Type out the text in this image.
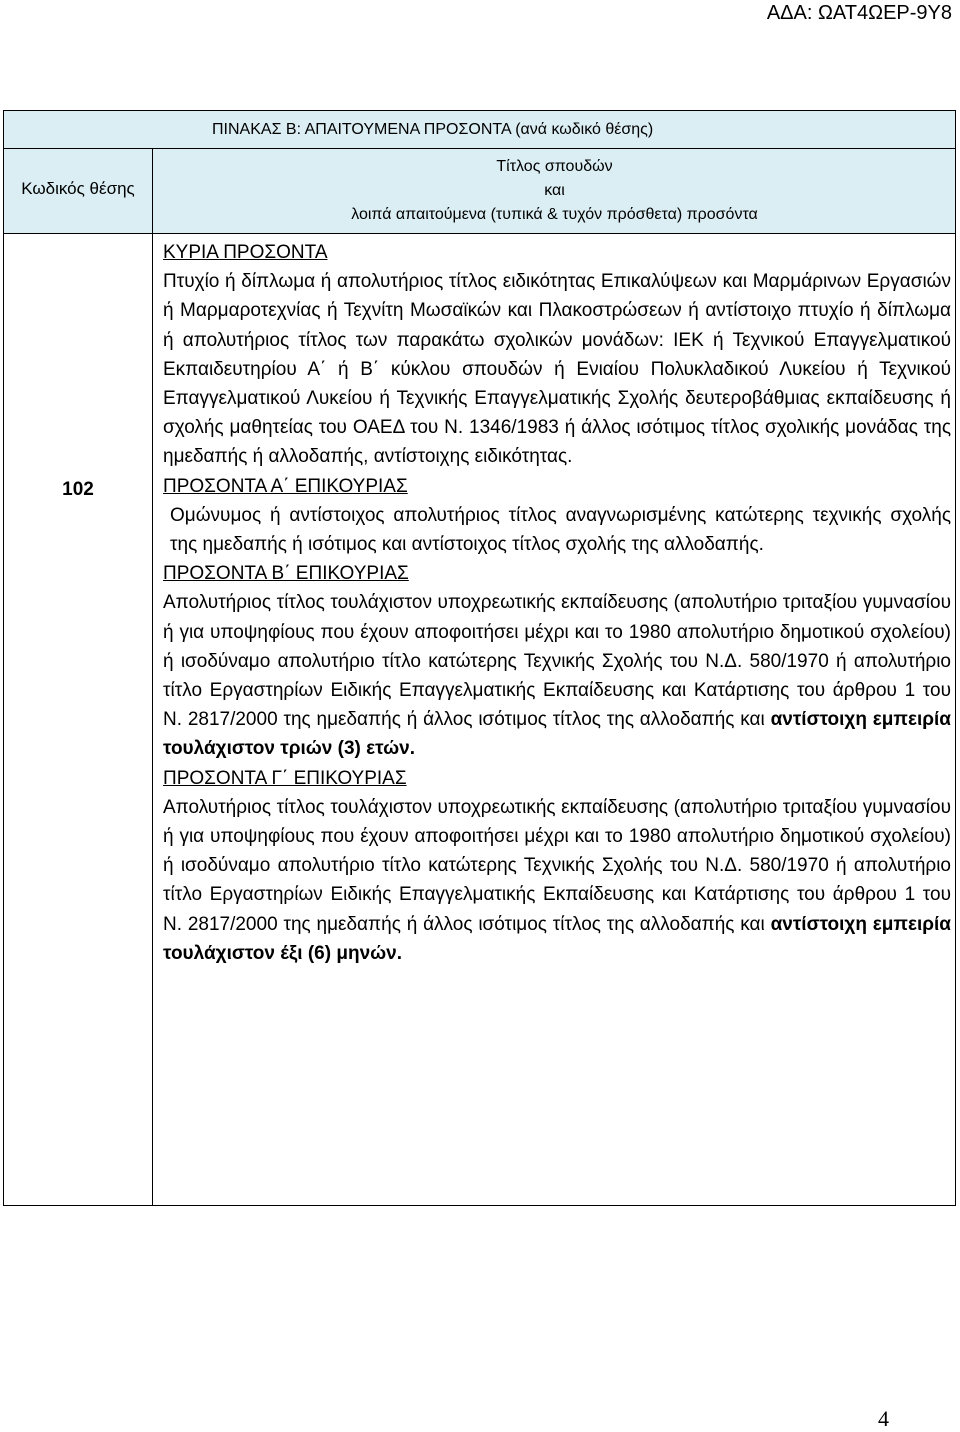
ΑΔΑ: ΩΑΤ4ΩΕΡ-9Υ8
ΠΙΝΑΚΑΣ Β: ΑΠΑΙΤΟΥΜΕΝΑ ΠΡΟΣΟΝΤΑ (ανά κωδικό θέσης)
Κωδικός θέσης
Τίτλος σπουδών
και
λοιπά απαιτούμενα (τυπικά & τυχόν πρόσθετα) προσόντα
102

ΚΥΡΙΑ ΠΡΟΣΟΝΤΑ

Πτυχίο ή δίπλωμα ή απολυτήριος τίτλος ειδικότητας Επικαλύψεων και Μαρμάρινων Εργασιών ή Μαρμαροτεχνίας ή Τεχνίτη Μωσαϊκών και Πλακοστρώσεων ή αντίστοιχο πτυχίο ή δίπλωμα ή απολυτήριος τίτλος των παρακάτω σχολικών μονάδων: ΙΕΚ ή Τεχνικού Επαγγελματικού Εκπαιδευτηρίου Α΄ ή Β΄ κύκλου σπουδών ή Ενιαίου Πολυκλαδικού Λυκείου ή Τεχνικού Επαγγελματικού Λυκείου ή Τεχνικής Επαγγελματικής Σχολής δευτεροβάθμιας εκπαίδευσης ή σχολής μαθητείας του ΟΑΕΔ του Ν. 1346/1983 ή άλλος ισότιμος τίτλος σχολικής μονάδας της ημεδαπής ή αλλοδαπής, αντίστοιχης ειδικότητας.

ΠΡΟΣΟΝΤΑ Α΄ ΕΠΙΚΟΥΡΙΑΣ

Ομώνυμος ή αντίστοιχος απολυτήριος τίτλος αναγνωρισμένης κατώτερης τεχνικής σχολής της ημεδαπής ή ισότιμος και αντίστοιχος τίτλος σχολής της αλλοδαπής.

ΠΡΟΣΟΝΤΑ Β΄ ΕΠΙΚΟΥΡΙΑΣ

Απολυτήριος τίτλος τουλάχιστον υποχρεωτικής εκπαίδευσης (απολυτήριο τριταξίου γυμνασίου ή για υποψηφίους που έχουν αποφοιτήσει μέχρι και το 1980 απολυτήριο δημοτικού σχολείου) ή ισοδύναμο απολυτήριο τίτλο κατώτερης Τεχνικής Σχολής του Ν.Δ. 580/1970 ή απολυτήριο τίτλο Εργαστηρίων Ειδικής Επαγγελματικής Εκπαίδευσης και Κατάρτισης του άρθρου 1 του Ν. 2817/2000 της ημεδαπής ή άλλος ισότιμος τίτλος της αλλοδαπής και αντίστοιχη εμπειρία τουλάχιστον τριών (3) ετών.

ΠΡΟΣΟΝΤΑ Γ΄ ΕΠΙΚΟΥΡΙΑΣ

Απολυτήριος τίτλος τουλάχιστον υποχρεωτικής εκπαίδευσης (απολυτήριο τριταξίου γυμνασίου ή για υποψηφίους που έχουν αποφοιτήσει μέχρι και το 1980 απολυτήριο δημοτικού σχολείου) ή ισοδύναμο απολυτήριο τίτλο κατώτερης Τεχνικής Σχολής του Ν.Δ. 580/1970 ή απολυτήριο τίτλο Εργαστηρίων Ειδικής Επαγγελματικής Εκπαίδευσης και Κατάρτισης του άρθρου 1 του Ν. 2817/2000 της ημεδαπής ή άλλος ισότιμος τίτλος της αλλοδαπής και αντίστοιχη εμπειρία τουλάχιστον έξι (6) μηνών.

4
